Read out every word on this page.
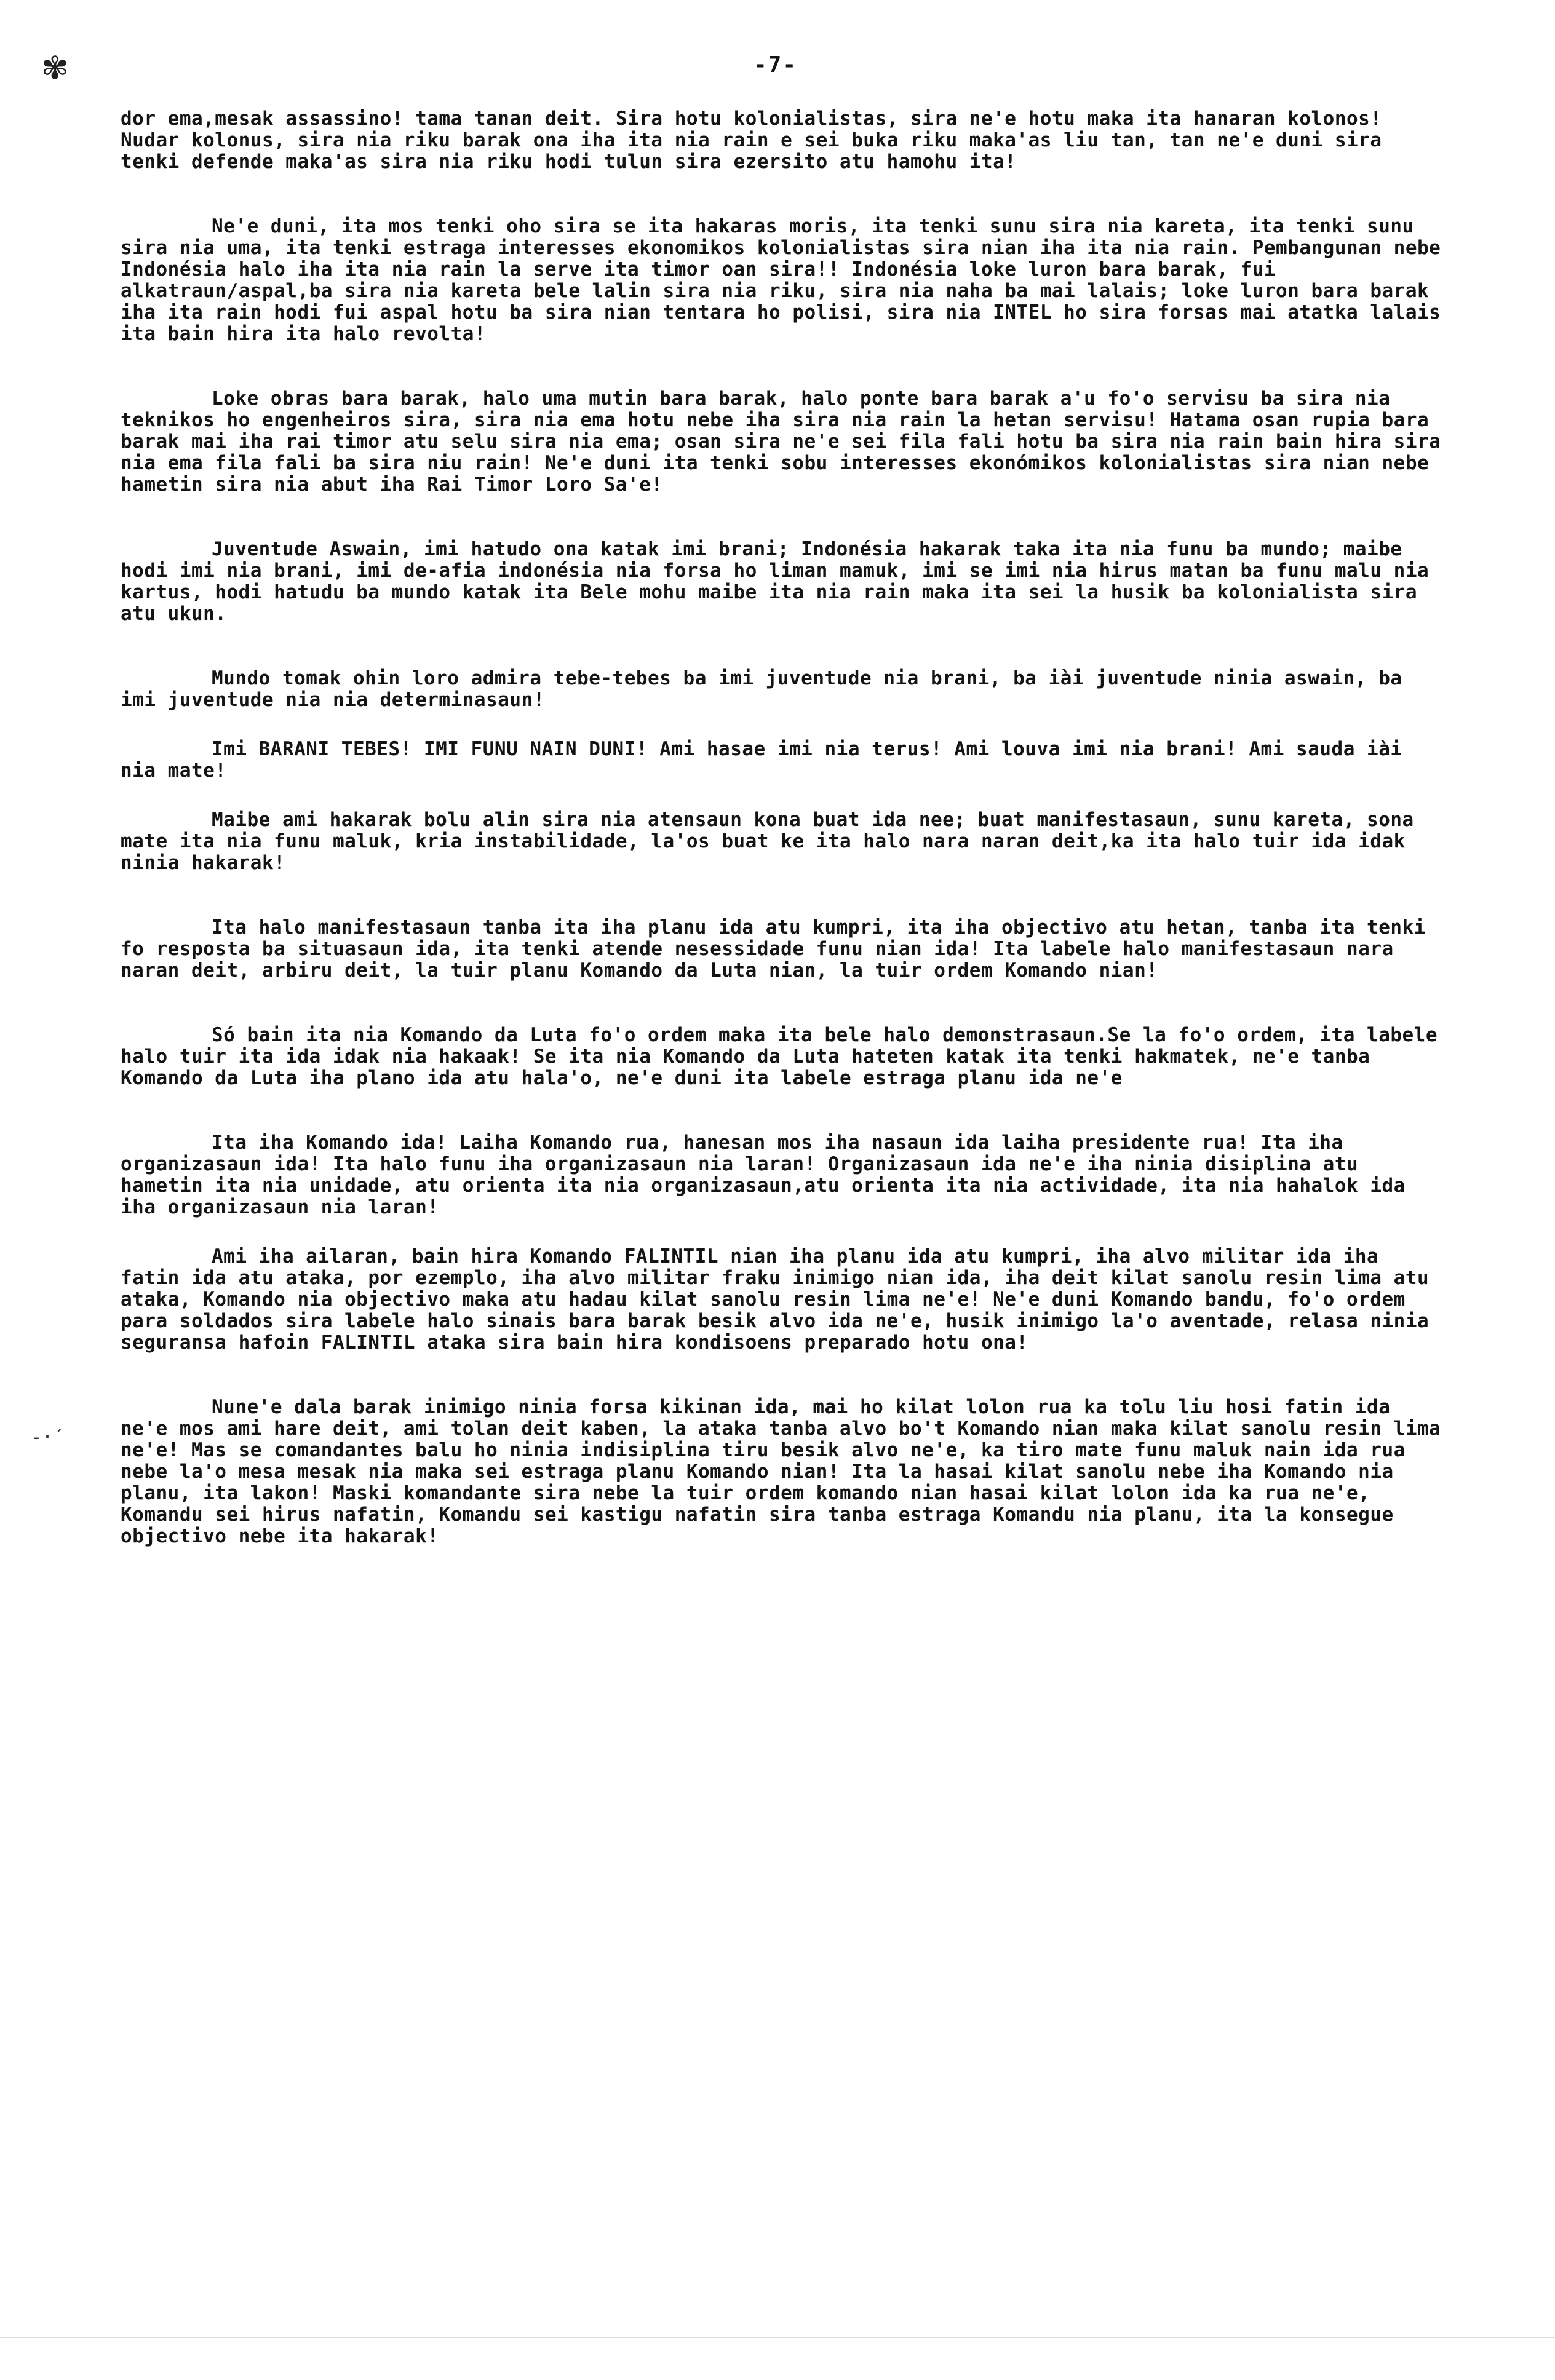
✾	-7-
-·´

dor ema,mesak assassino! tama tanan deit. Sira hotu kolonialistas, sira ne'e hotu maka ita hanaran kolonos! Nudar kolonus, sira nia riku barak ona iha ita nia rain e sei buka riku maka'as liu tan, tan ne'e duni sira tenki defende maka'as sira nia riku hodi tulun sira ezersito atu hamohu ita!

Ne'e duni, ita mos tenki oho sira se ita hakaras moris, ita tenki sunu sira nia kareta, ita tenki sunu sira nia uma, ita tenki estraga interesses ekonomikos kolonialistas sira nian iha ita nia rain. Pembangunan nebe Indonésia halo iha ita nia rain la serve ita timor oan sira!! Indonésia loke luron bara barak, fui alkatraun/aspal,ba sira nia kareta bele lalin sira nia riku, sira nia naha ba mai lalais; loke luron bara barak iha ita rain hodi fui aspal hotu ba sira nian tentara ho polisi, sira nia INTEL ho sira forsas mai atatka lalais ita bain hira ita halo revolta!

Loke obras bara barak, halo uma mutin bara barak, halo ponte bara barak a'u fo'o servisu ba sira nia teknikos ho engenheiros sira, sira nia ema hotu nebe iha sira nia rain la hetan servisu! Hatama osan rupia bara barak mai iha rai timor atu selu sira nia ema; osan sira ne'e sei fila fali hotu ba sira nia rain bain hira sira nia ema fila fali ba sira niu rain! Ne'e duni ita tenki sobu interesses ekonómikos kolonialistas sira nian nebe hametin sira nia abut iha Rai Timor Loro Sa'e!

Juventude Aswain, imi hatudo ona katak imi brani; Indonésia hakarak taka ita nia funu ba mundo; maibe hodi imi nia brani, imi de-afia indonésia nia forsa ho liman mamuk, imi se imi nia hirus matan ba funu malu nia kartus, hodi hatudu ba mundo katak ita Bele mohu maibe ita nia rain maka ita sei la husik ba kolonialista sira atu ukun.

Mundo tomak ohin loro admira tebe-tebes ba imi juventude nia brani, ba iài juventude ninia aswain, ba imi juventude nia nia determinasaun!

Imi BARANI TEBES! IMI FUNU NAIN DUNI! Ami hasae imi nia terus! Ami louva imi nia brani! Ami sauda iài nia mate!

Maibe ami hakarak bolu alin sira nia atensaun kona buat ida nee; buat manifestasaun, sunu kareta, sona mate ita nia funu maluk, kria instabilidade, la'os buat ke ita halo nara naran deit,ka ita halo tuir ida idak ninia hakarak!

Ita halo manifestasaun tanba ita iha planu ida atu kumpri, ita iha objectivo atu hetan, tanba ita tenki fo resposta ba situasaun ida, ita tenki atende nesessidade funu nian ida! Ita labele halo manifestasaun nara naran deit, arbiru deit, la tuir planu Komando da Luta nian, la tuir ordem Komando nian!

Só bain ita nia Komando da Luta fo'o ordem maka ita bele halo demonstrasaun.Se la fo'o ordem, ita labele halo tuir ita ida idak nia hakaak! Se ita nia Komando da Luta hateten katak ita tenki hakmatek, ne'e tanba Komando da Luta iha plano ida atu hala'o, ne'e duni ita labele estraga planu ida ne'e

Ita iha Komando ida! Laiha Komando rua, hanesan mos iha nasaun ida laiha presidente rua! Ita iha organizasaun ida! Ita halo funu iha organizasaun nia laran! Organizasaun ida ne'e iha ninia disiplina atu hametin ita nia unidade, atu orienta ita nia organizasaun,atu orienta ita nia actividade, ita nia hahalok ida iha organizasaun nia laran!

Ami iha ailaran, bain hira Komando FALINTIL nian iha planu ida atu kumpri, iha alvo militar ida iha fatin ida atu ataka, por ezemplo, iha alvo militar fraku inimigo nian ida, iha deit kilat sanolu resin lima atu ataka, Komando nia objectivo maka atu hadau kilat sanolu resin lima ne'e! Ne'e duni Komando bandu, fo'o ordem para soldados sira labele halo sinais bara barak besik alvo ida ne'e, husik inimigo la'o aventade, relasa ninia seguransa hafoin FALINTIL ataka sira bain hira kondisoens preparado hotu ona!

Nune'e dala barak inimigo ninia forsa kikinan ida, mai ho kilat lolon rua ka tolu liu hosi fatin ida ne'e mos ami hare deit, ami tolan deit kaben, la ataka tanba alvo bo't Komando nian maka kilat sanolu resin lima ne'e! Mas se comandantes balu ho ninia indisiplina tiru besik alvo ne'e, ka tiro mate funu maluk nain ida rua nebe la'o mesa mesak nia maka sei estraga planu Komando nian! Ita la hasai kilat sanolu nebe iha Komando nia planu, ita lakon! Maski komandante sira nebe la tuir ordem komando nian hasai kilat lolon ida ka rua ne'e, Komandu sei hirus nafatin, Komandu sei kastigu nafatin sira tanba estraga Komandu nia planu, ita la konsegue objectivo nebe ita hakarak!
